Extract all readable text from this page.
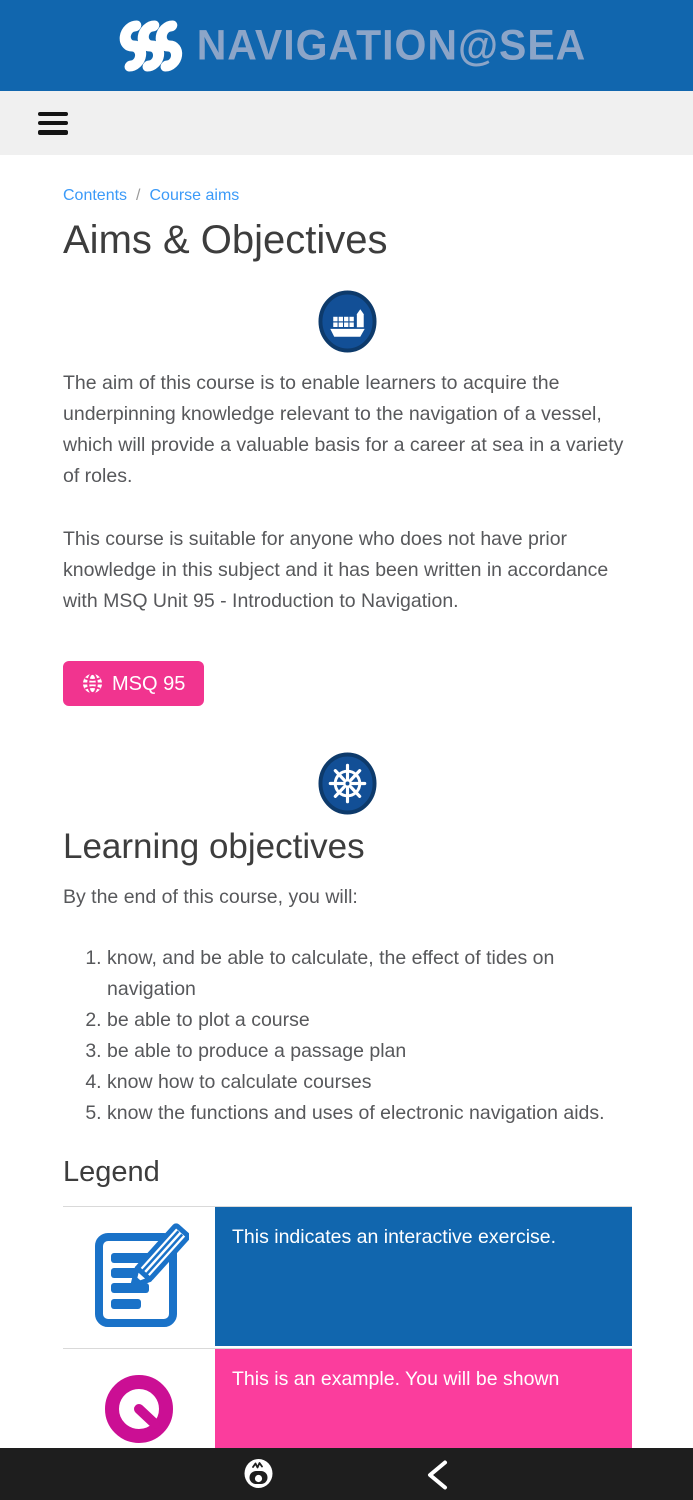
NAVIGATION@SEA
Contents / Course aims
Aims & Objectives

The aim of this course is to enable learners to acquire the underpinning knowledge relevant to the navigation of a vessel, which will provide a valuable basis for a career at sea in a variety of roles.

This course is suitable for anyone who does not have prior knowledge in this subject and it has been written in accordance with MSQ Unit 95 - Introduction to Navigation.

MSQ 95
Learning objectives

By the end of this course, you will:

1. know, and be able to calculate, the effect of tides on navigation
2. be able to plot a course
3. be able to produce a passage plan
4. know how to calculate courses
5. know the functions and uses of electronic navigation aids.
Legend
This indicates an interactive exercise.
This is an example. You will be shown
